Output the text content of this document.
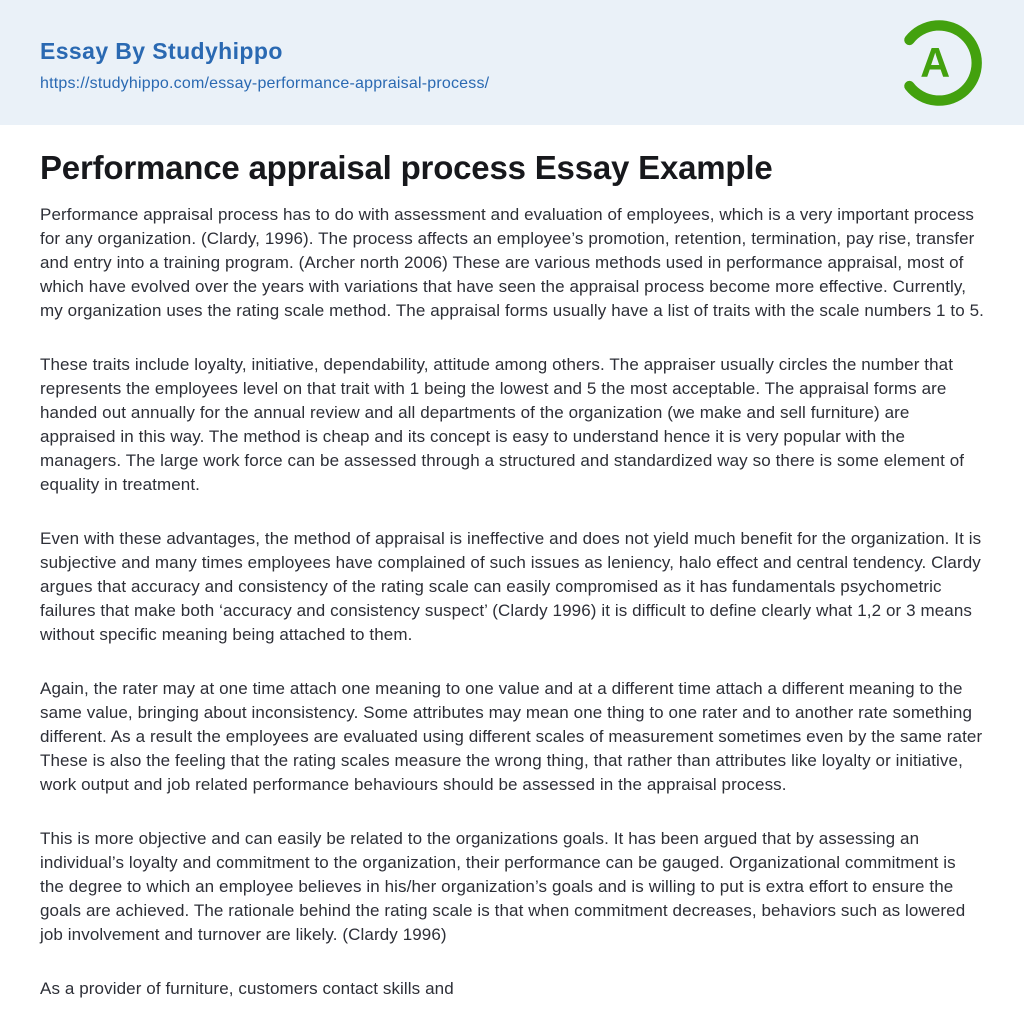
Essay By Studyhippo
https://studyhippo.com/essay-performance-appraisal-process/	A
Performance appraisal process Essay Example

Performance appraisal process has to do with assessment and evaluation of employees, which is a very important process for any organization. (Clardy, 1996). The process affects an employee’s promotion, retention, termination, pay rise, transfer and entry into a training program. (Archer north 2006) These are various methods used in performance appraisal, most of which have evolved over the years with variations that have seen the appraisal process become more effective. Currently, my organization uses the rating scale method. The appraisal forms usually have a list of traits with the scale numbers 1 to 5.

These traits include loyalty, initiative, dependability, attitude among others. The appraiser usually circles the number that represents the employees level on that trait with 1 being the lowest and 5 the most acceptable. The appraisal forms are handed out annually for the annual review and all departments of the organization (we make and sell furniture) are appraised in this way. The method is cheap and its concept is easy to understand hence it is very popular with the managers. The large work force can be assessed through a structured and standardized way so there is some element of equality in treatment.

Even with these advantages, the method of appraisal is ineffective and does not yield much benefit for the organization. It is subjective and many times employees have complained of such issues as leniency, halo effect and central tendency. Clardy argues that accuracy and consistency of the rating scale can easily compromised as it has fundamentals psychometric failures that make both ‘accuracy and consistency suspect’ (Clardy 1996) it is difficult to define clearly what 1,2 or 3 means without specific meaning being attached to them.

Again, the rater may at one time attach one meaning to one value and at a different time attach a different meaning to the same value, bringing about inconsistency. Some attributes may mean one thing to one rater and to another rate something different. As a result the employees are evaluated using different scales of measurement sometimes even by the same rater These is also the feeling that the rating scales measure the wrong thing, that rather than attributes like loyalty or initiative, work output and job related performance behaviours should be assessed in the appraisal process.

This is more objective and can easily be related to the organizations goals. It has been argued that by assessing an individual’s loyalty and commitment to the organization, their performance can be gauged. Organizational commitment is the degree to which an employee believes in his/her organization’s goals and is willing to put is extra effort to ensure the goals are achieved. The rationale behind the rating scale is that when commitment decreases, behaviors such as lowered job involvement and turnover are likely. (Clardy 1996)

As a provider of furniture, customers contact skills and
